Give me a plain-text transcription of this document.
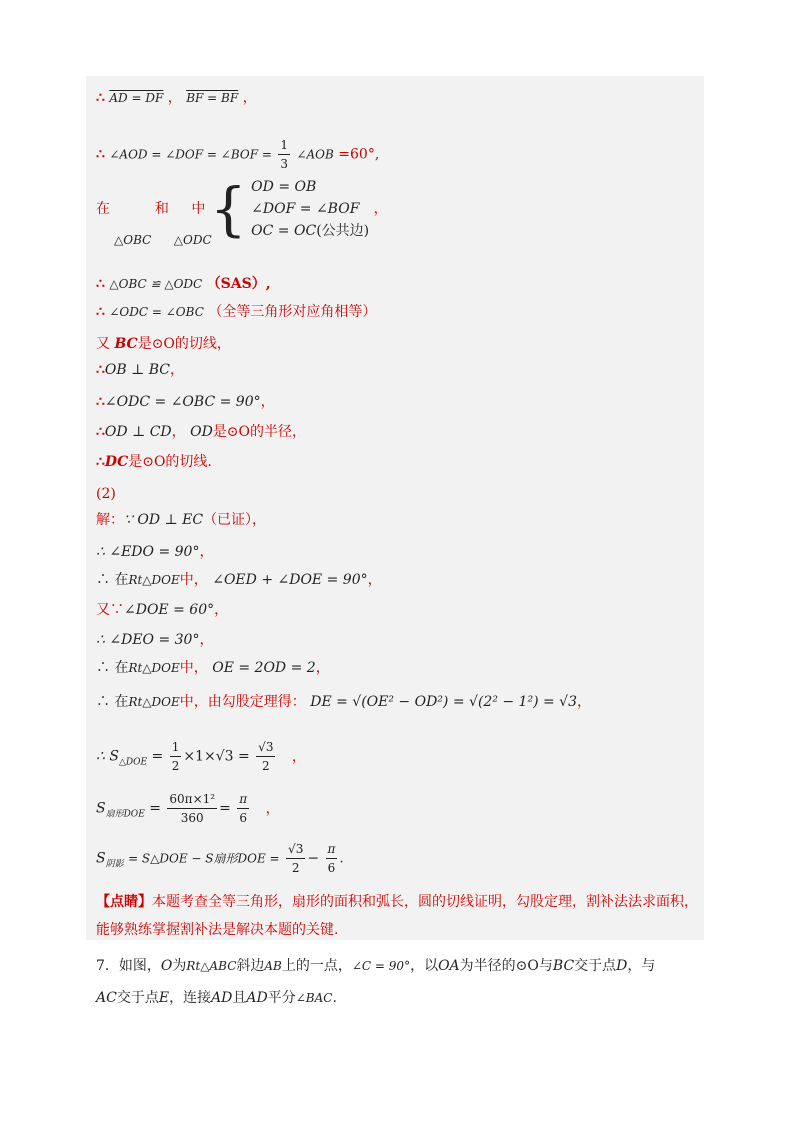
∴ AD = DF ， BF = BF ，
∴ ∠AOD = ∠DOF = ∠BOF = $\frac{1}{3}$ ∠AOB =60°,
在	和 中 { OD = OB
∠DOF = ∠BOF
OC = OC(公共边) ，
△OBC △ODC
∴ △OBC ≌ △ODC （SAS）,
∴ ∠ODC = ∠OBC （全等三角形对应角相等）
又 BC是⊙O的切线，
∴OB ⊥ BC，
∴∠ODC = ∠OBC = 90°，
∴OD ⊥ CD， OD是⊙O的半径，
∴DC是⊙O的切线.
(2)
解：∵ OD ⊥ EC（已证），
∴ ∠EDO = 90°，
∴ 在Rt△DOE中， ∠OED + ∠DOE = 90°，
又∵∠DOE = 60°，
∴ ∠DEO = 30°，
∴ 在Rt△DOE中， OE = 2OD = 2，
∴ 在Rt△DOE中，由勾股定理得： DE = √(OE² − OD²) = √(2² − 1²) = √3，
∴ $S_{\triangle DOE} = \frac{1}{2} \times 1\times√3 = \frac{√3}{2}$ ，
$S_{扇形DOE} = \frac{\text{60π×1²}}{360} = \frac{\pi}{6}$ ，
$S_{阴影}$ = S△DOE − S扇形DOE = $\frac{√3}{2} - \frac{\pi}{6}$ .
【点睛】本题考查全等三角形，扇形的面积和弧长，圆的切线证明，勾股定理，割补法法求面积，
能够熟练掌握割补法是解决本题的关键.
7．如图，O为Rt△ABC斜边AB上的一点，∠C = 90°，以OA为半径的⊙O与BC交于点D，与
AC交于点E，连接AD且AD平分∠BAC.
